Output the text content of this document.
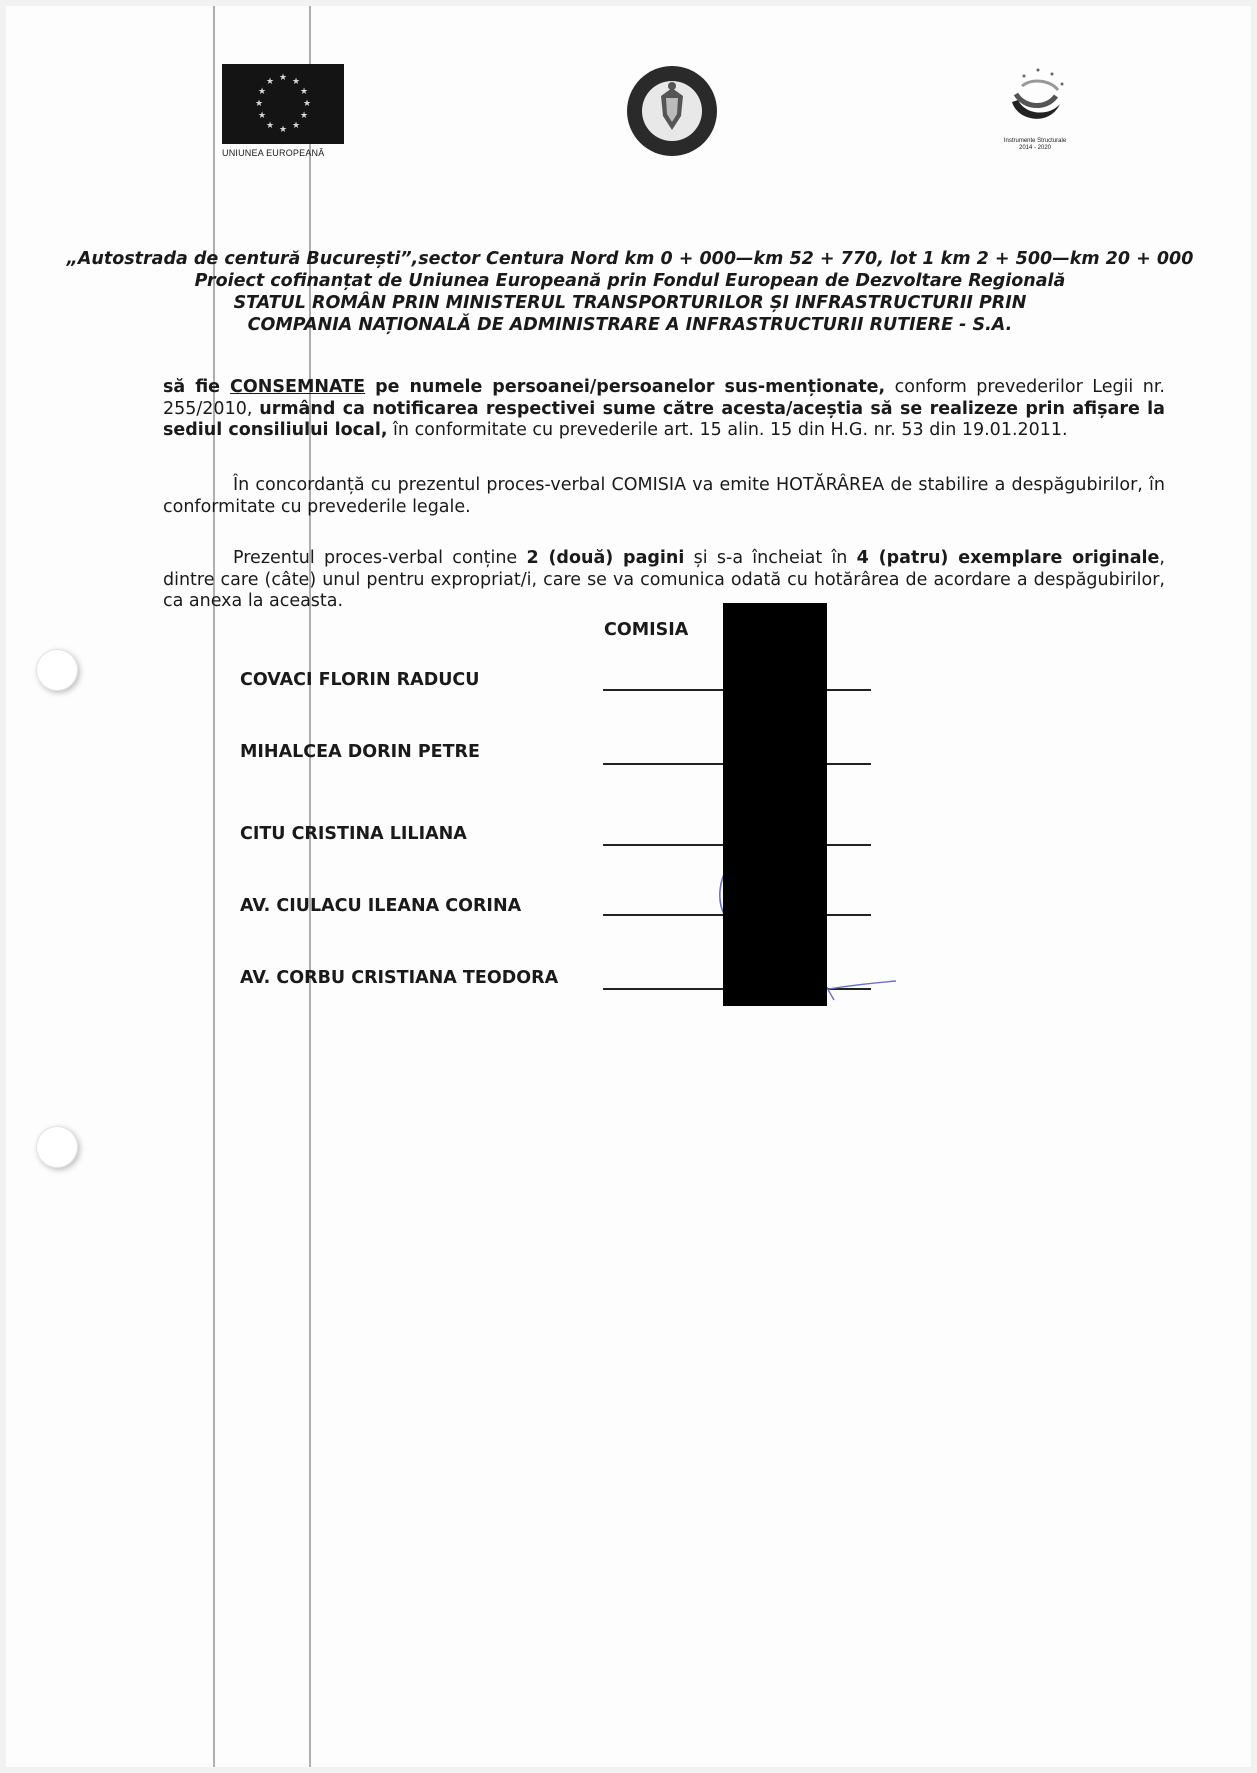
★ ★
★
★
★
★
★
★
★
★
★
★
UNIUNEA EUROPEANĂ
Instrumente Structurale
2014 - 2020
„Autostrada de centură București”,sector Centura Nord km 0 + 000—km 52 + 770, lot 1 km 2 + 500—km 20 + 000
Proiect cofinanțat de Uniunea Europeană prin Fondul European de Dezvoltare Regională
STATUL ROMÂN PRIN MINISTERUL TRANSPORTURILOR ȘI INFRASTRUCTURII PRIN
COMPANIA NAȚIONALĂ DE ADMINISTRARE A INFRASTRUCTURII RUTIERE - S.A.
să fie CONSEMNATE pe numele persoanei/persoanelor sus-menționate, conform prevederilor Legii nr. 255/2010, urmând ca notificarea respectivei sume către acesta/aceștia să se realizeze prin afișare la sediul consiliului local, în conformitate cu prevederile art. 15 alin. 15 din H.G. nr. 53 din 19.01.2011.
În concordanță cu prezentul proces-verbal COMISIA va emite HOTĂRÂREA de stabilire a despăgubirilor, în conformitate cu prevederile legale.
Prezentul proces-verbal conține 2 (două) pagini și s-a încheiat în 4 (patru) exemplare originale, dintre care (câte) unul pentru expropriat/i, care se va comunica odată cu hotărârea de acordare a despăgubirilor, ca anexa la aceasta.
COMISIA
COVACI FLORIN RADUCU
MIHALCEA DORIN PETRE
CITU CRISTINA LILIANA
AV. CIULACU ILEANA CORINA
AV. CORBU CRISTIANA TEODORA
